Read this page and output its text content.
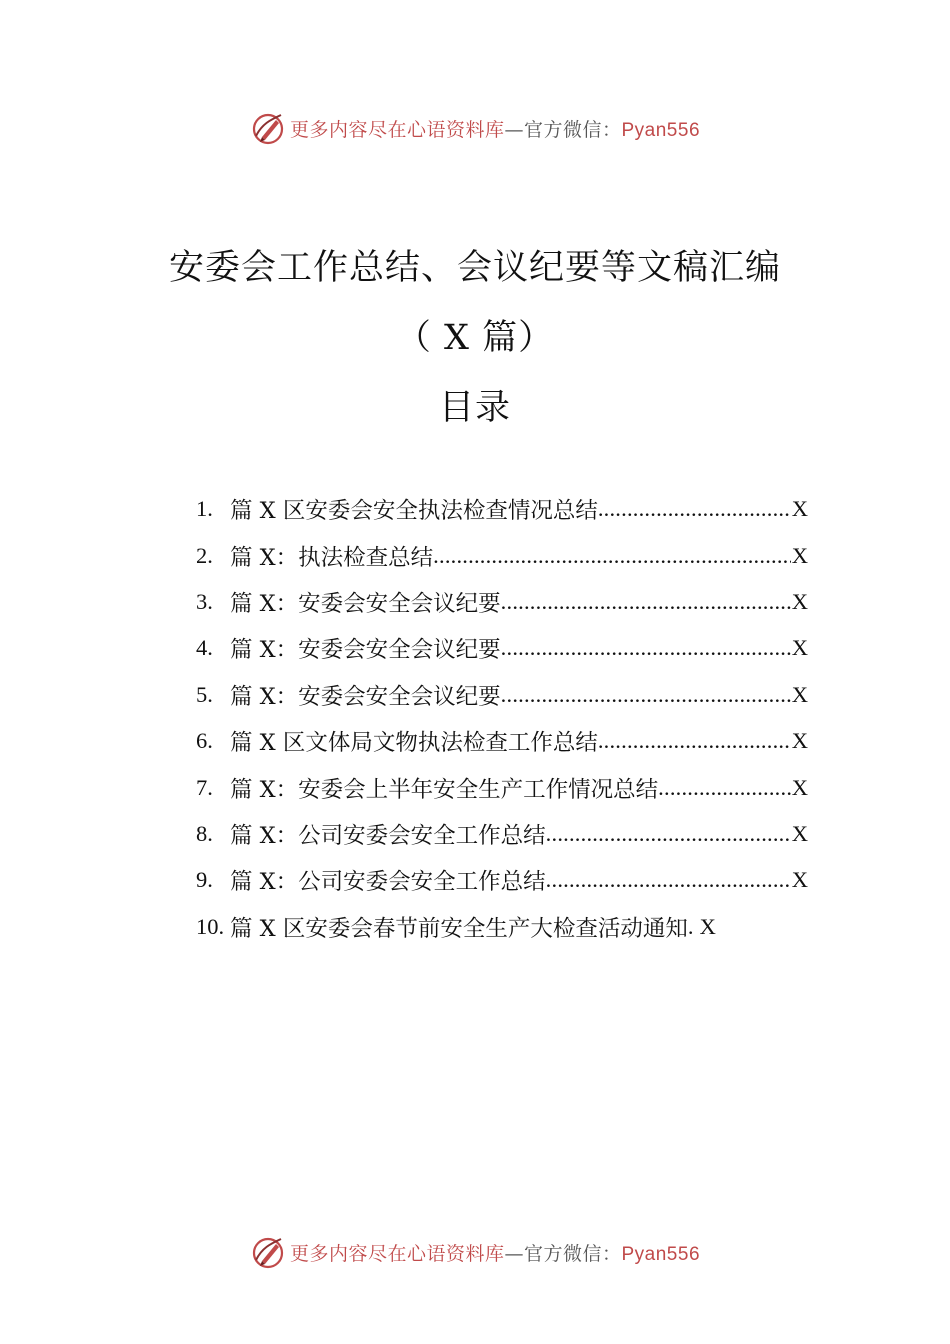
更多内容尽在心语资料库—官方微信：Pyan556
安委会工作总结、会议纪要等文稿汇编
（ X 篇）
目录
1. 篇 X 区安委会安全执法检查情况总结 .....	X
2. 篇 X：执法检查总结 .....	X
3. 篇 X：安委会安全会议纪要 .....	X
4. 篇 X：安委会安全会议纪要 .....	X
5. 篇 X：安委会安全会议纪要 .....	X
6. 篇 X 区文体局文物执法检查工作总结 .....	X
7. 篇 X：安委会上半年安全生产工作情况总结 .....	X
8. 篇 X：公司安委会安全工作总结 .....	X
9. 篇 X：公司安委会安全工作总结 .....	X
10. 篇 X 区安委会春节前安全生产大检查活动通知 . X
更多内容尽在心语资料库—官方微信：Pyan556
